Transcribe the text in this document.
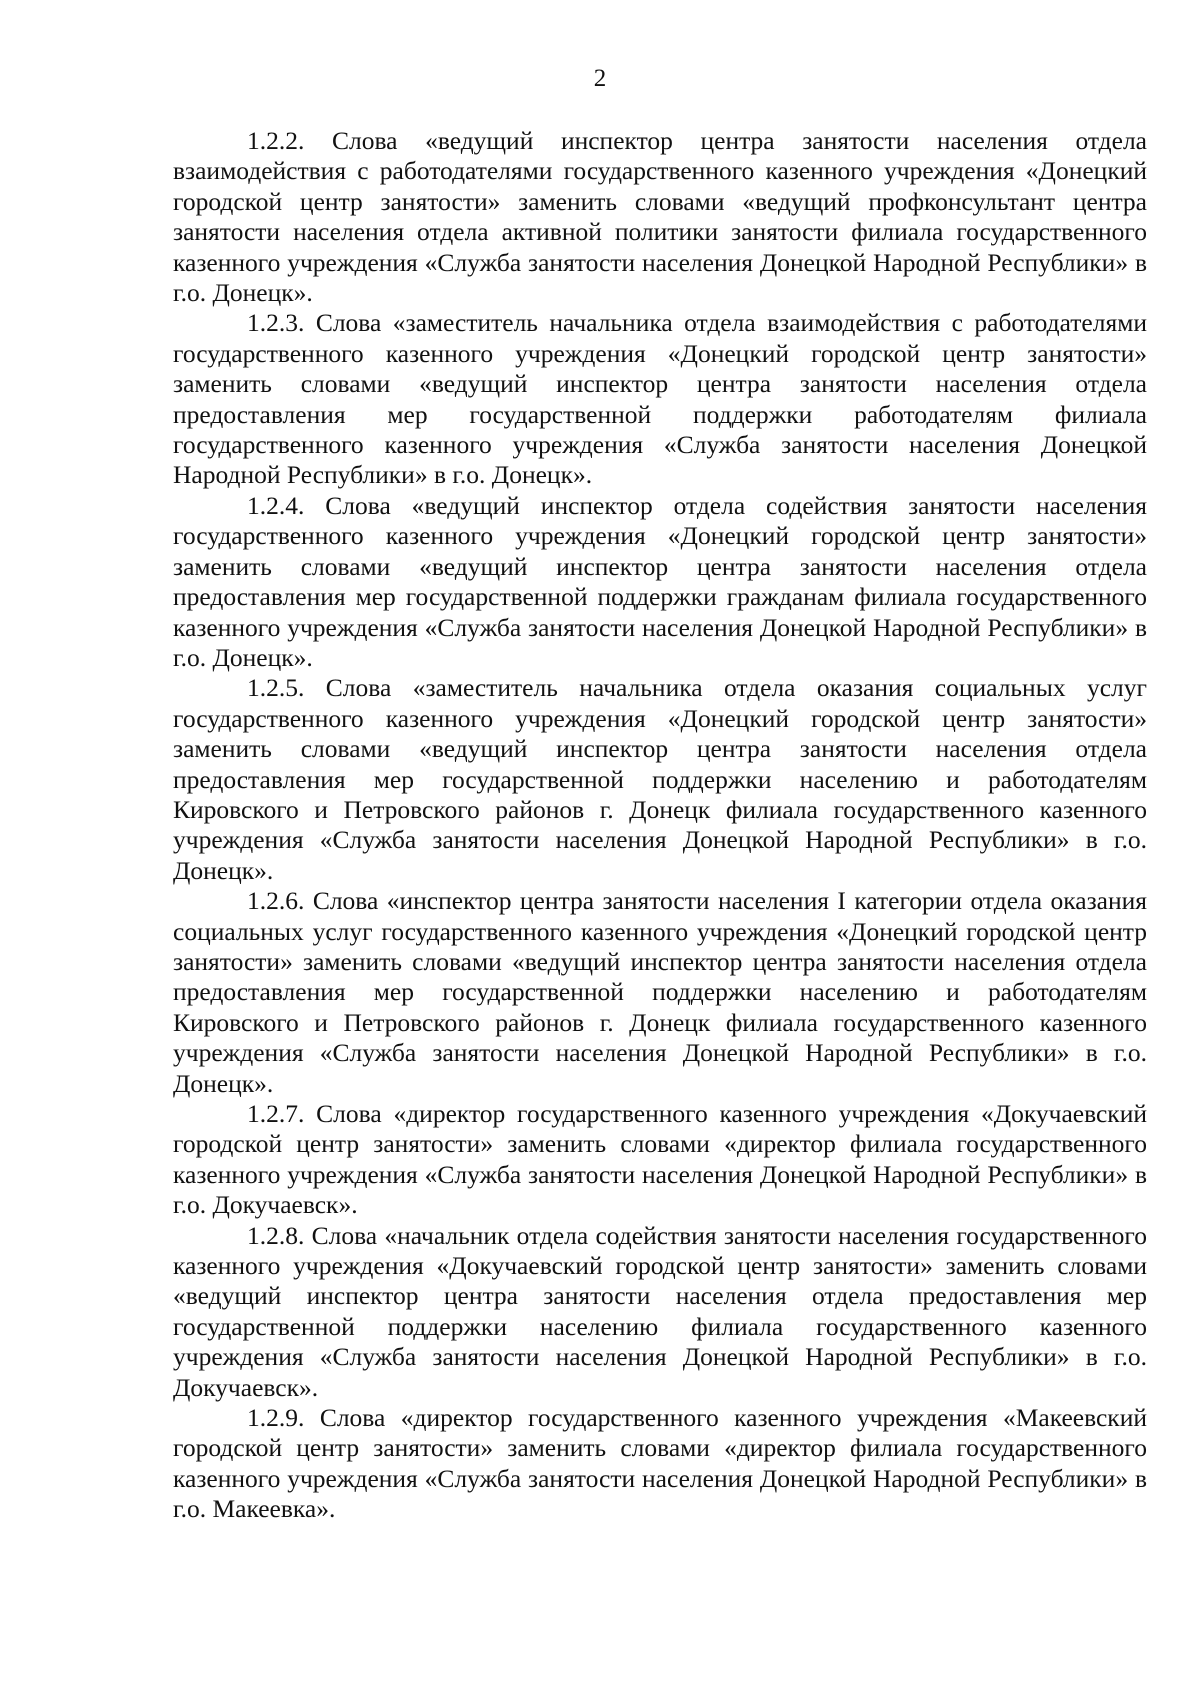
2

1.2.2. Слова «ведущий инспектор центра занятости населения отдела взаимодействия с работодателями государственного казенного учреждения «Донецкий городской центр занятости» заменить словами «ведущий профконсультант центра занятости населения отдела активной политики занятости филиала государственного казенного учреждения «Служба занятости населения Донецкой Народной Республики» в г.о. Донецк».

1.2.3. Слова «заместитель начальника отдела взаимодействия с работодателями государственного казенного учреждения «Донецкий городской центр занятости» заменить словами «ведущий инспектор центра занятости населения отдела предоставления мер государственной поддержки работодателям филиала государственного казенного учреждения «Служба занятости населения Донецкой Народной Республики» в г.о. Донецк».

1.2.4. Слова «ведущий инспектор отдела содействия занятости населения государственного казенного учреждения «Донецкий городской центр занятости» заменить словами «ведущий инспектор центра занятости населения отдела предоставления мер государственной поддержки гражданам филиала государственного казенного учреждения «Служба занятости населения Донецкой Народной Республики» в г.о. Донецк».

1.2.5. Слова «заместитель начальника отдела оказания социальных услуг государственного казенного учреждения «Донецкий городской центр занятости» заменить словами «ведущий инспектор центра занятости населения отдела предоставления мер государственной поддержки населению и работодателям Кировского и Петровского районов г. Донецк филиала государственного казенного учреждения «Служба занятости населения Донецкой Народной Республики» в г.о. Донецк».

1.2.6. Слова «инспектор центра занятости населения I категории отдела оказания социальных услуг государственного казенного учреждения «Донецкий городской центр занятости» заменить словами «ведущий инспектор центра занятости населения отдела предоставления мер государственной поддержки населению и работодателям Кировского и Петровского районов г. Донецк филиала государственного казенного учреждения «Служба занятости населения Донецкой Народной Республики» в г.о. Донецк».

1.2.7. Слова «директор государственного казенного учреждения «Докучаевский городской центр занятости» заменить словами «директор филиала государственного казенного учреждения «Служба занятости населения Донецкой Народной Республики» в г.о. Докучаевск».

1.2.8. Слова «начальник отдела содействия занятости населения государственного казенного учреждения «Докучаевский городской центр занятости» заменить словами «ведущий инспектор центра занятости населения отдела предоставления мер государственной поддержки населению филиала государственного казенного учреждения «Служба занятости населения Донецкой Народной Республики» в г.о. Докучаевск».

1.2.9. Слова «директор государственного казенного учреждения «Макеевский городской центр занятости» заменить словами «директор филиала государственного казенного учреждения «Служба занятости населения Донецкой Народной Республики» в г.о. Макеевка».
